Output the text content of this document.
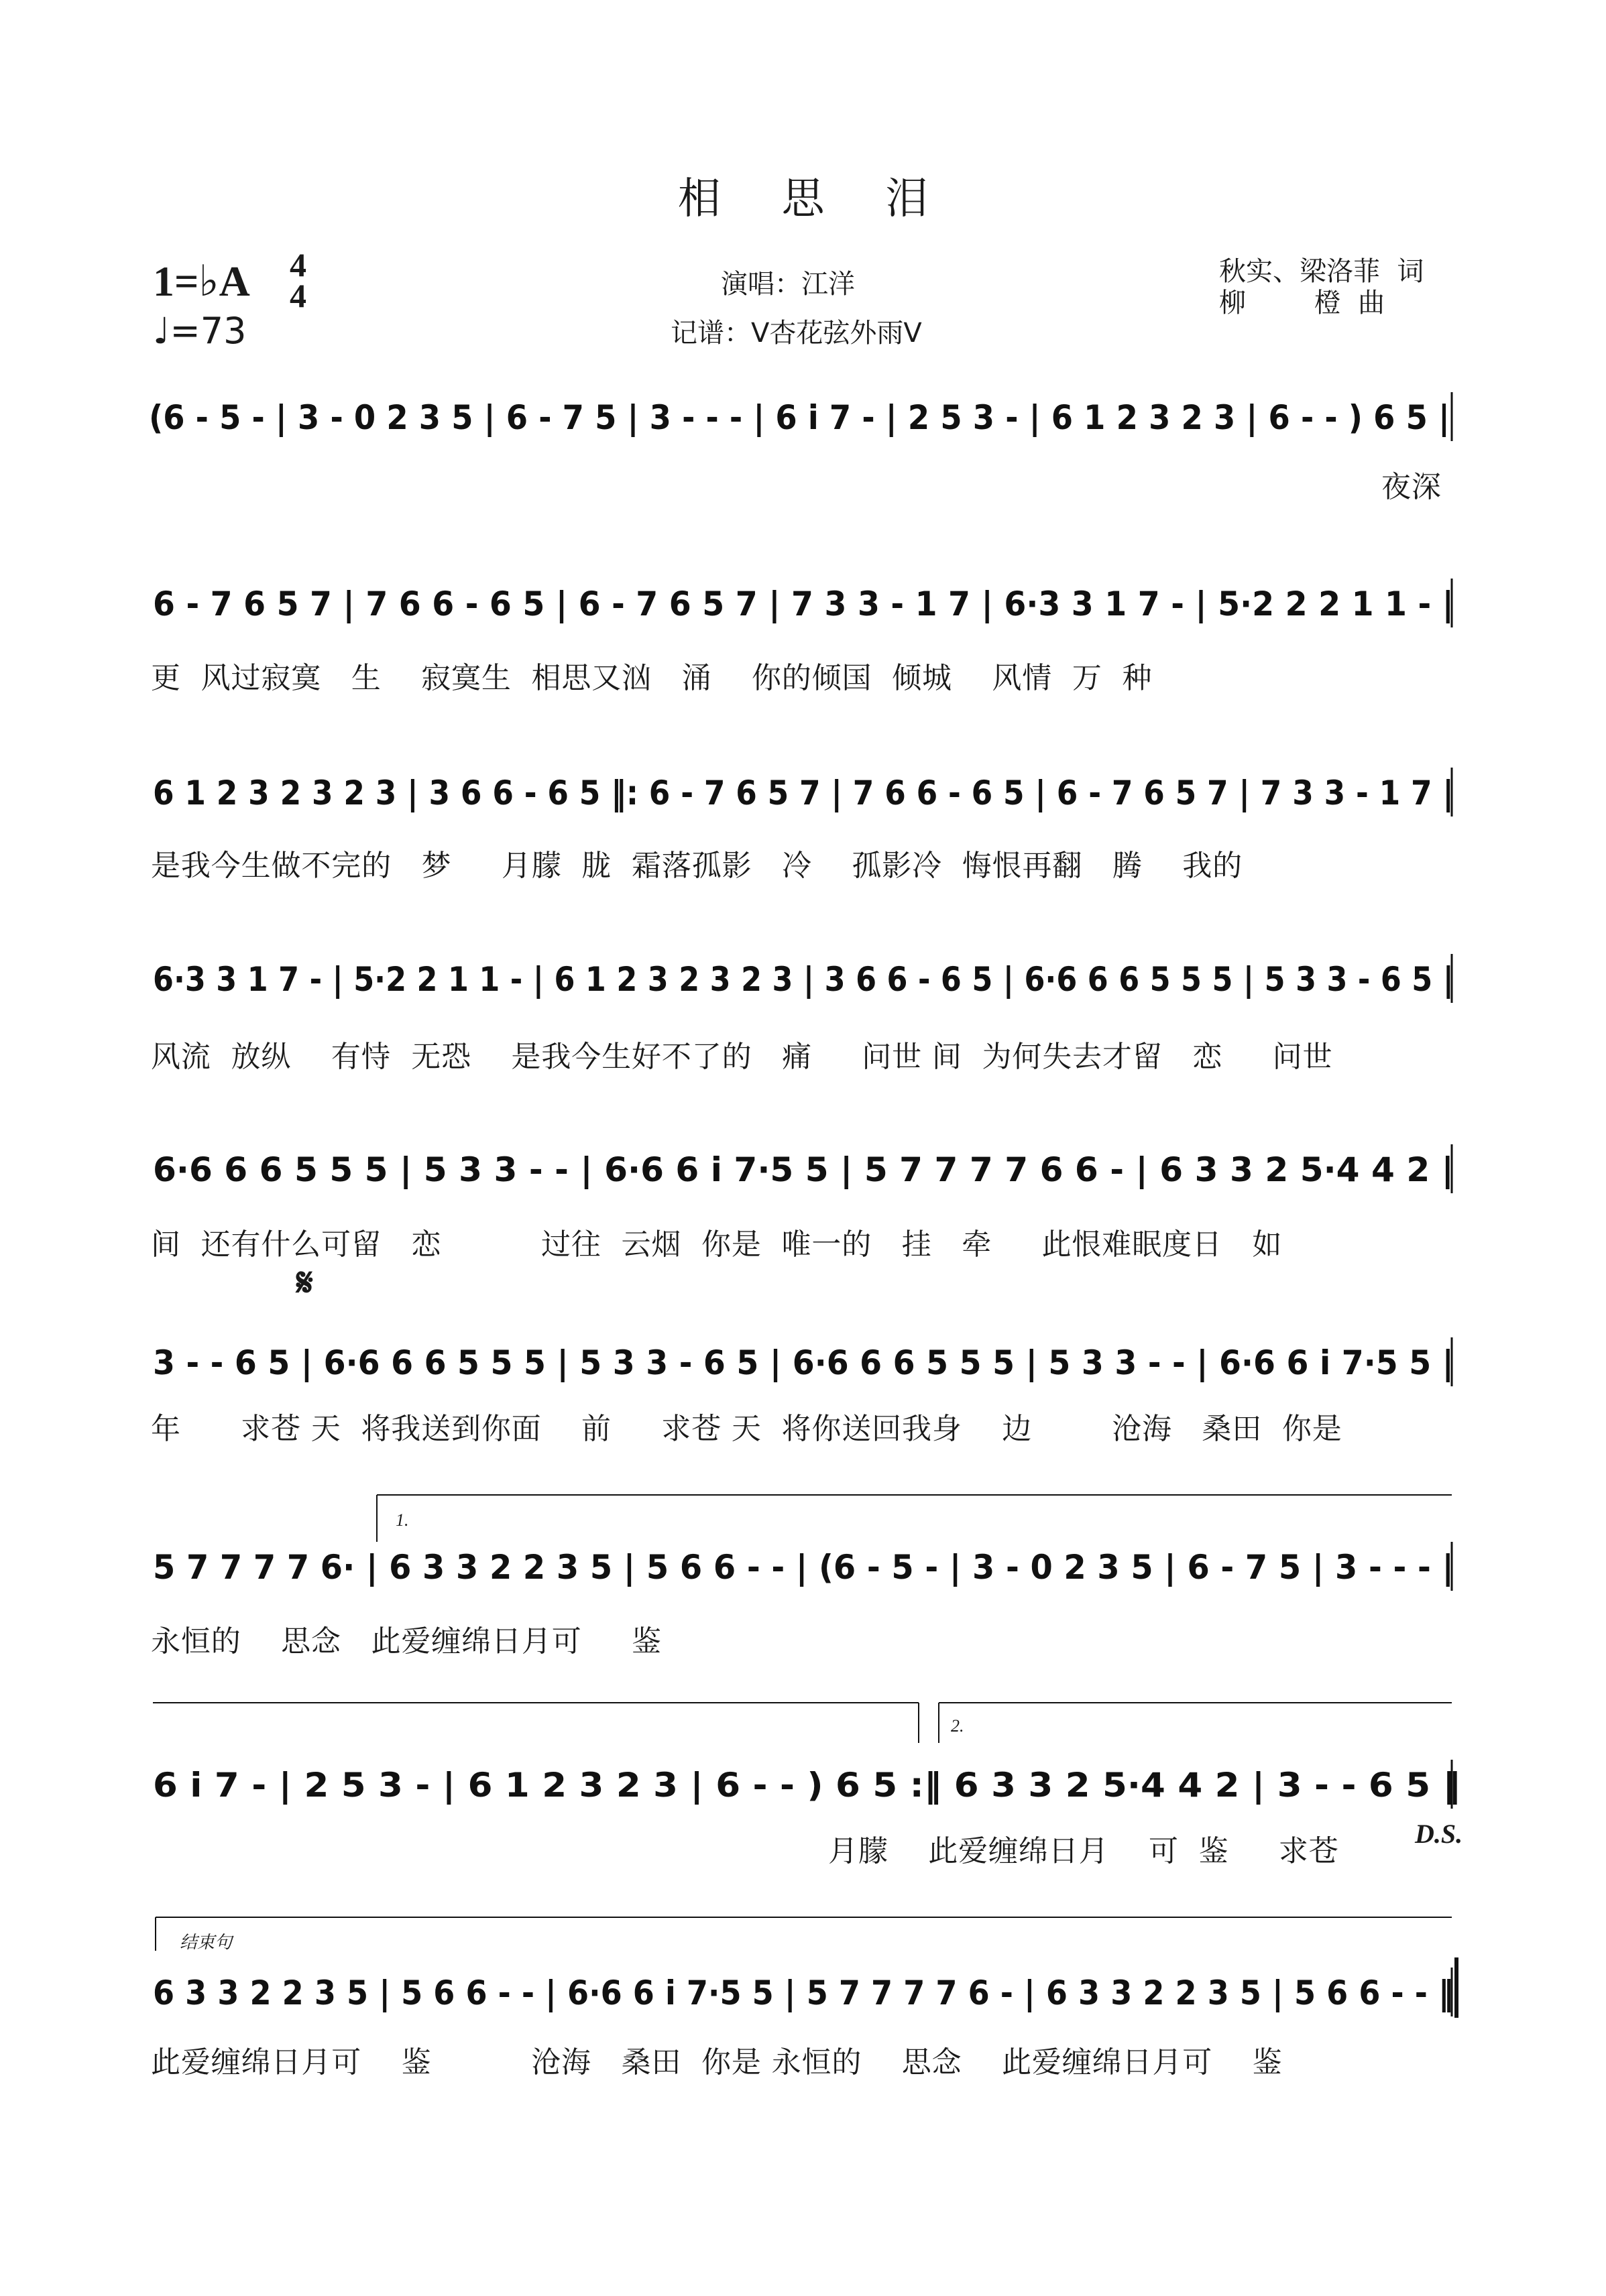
相 思 泪
1=♭A 4
4
♩=73
演唱：江洋
记谱：V杏花弦外雨V
秋实、梁洛菲  词
柳        橙  曲
(6 - 5 - | 3 - 0 2 3 5 | 6 - 7 5 | 3 - - - | 6 i 7 - | 2 5 3 - | 6 1 2 3 2 3 | 6 - - ) 6 5 |
6 - 7 6 5 7 | 7 6 6 - 6 5 | 6 - 7 6 5 7 | 7 3 3 - 1 7 | 6·3 3 1 7 - | 5·2 2 2 1 1 - |
6 1 2 3 2 3 2 3 | 3 6 6 - 6 5 ‖: 6 - 7 6 5 7 | 7 6 6 - 6 5 | 6 - 7 6 5 7 | 7 3 3 - 1 7 |
6·3 3 1 7 - | 5·2 2 1 1 - | 6 1 2 3 2 3 2 3 | 3 6 6 - 6 5 | 6·6 6 6 5 5 5 | 5 3 3 - 6 5 |
6·6 6 6 5 5 5 | 5 3 3 - - | 6·6 6 i 7·5 5 | 5 7 7 7 7 6 6 - | 6 3 3 2 5·4 4 2 |
3 - - 6 5 | 6·6 6 6 5 5 5 | 5 3 3 - 6 5 | 6·6 6 6 5 5 5 | 5 3 3 - - | 6·6 6 i 7·5 5 |
5 7 7 7 7 6· | 6 3 3 2 2 3 5 | 5 6 6 - - | (6 - 5 - | 3 - 0 2 3 5 | 6 - 7 5 | 3 - - - |
6 i 7 - | 2 5 3 - | 6 1 2 3 2 3 | 6 - - ) 6 5 :‖ 6 3 3 2 5·4 4 2 | 3 - - 6 5 ‖
6 3 3 2 2 3 5 | 5 6 6 - - | 6·6 6 i 7·5 5 | 5 7 7 7 7 6 - | 6 3 3 2 2 3 5 | 5 6 6 - - ‖
夜深
更  风过寂寞   生    寂寞生  相思又汹   涌    你的倾国  倾城    风情  万  种
是我今生做不完的   梦     月朦  胧  霜落孤影   冷    孤影冷  悔恨再翻   腾    我的
风流  放纵    有恃  无恐    是我今生好不了的   痛     问世 间  为何失去才留   恋     问世
间  还有什么可留   恋          过往  云烟  你是  唯一的   挂   牵     此恨难眠度日   如
年      求苍 天  将我送到你面    前     求苍 天  将你送回我身    边        沧海   桑田  你是
永恒的    思念   此爱缠绵日月可     鉴
月朦    此爱缠绵日月    可  鉴     求苍
此爱缠绵日月可    鉴          沧海   桑田  你是 永恒的    思念    此爱缠绵日月可    鉴
1.
2.
结束句
𝄋
D.S.
